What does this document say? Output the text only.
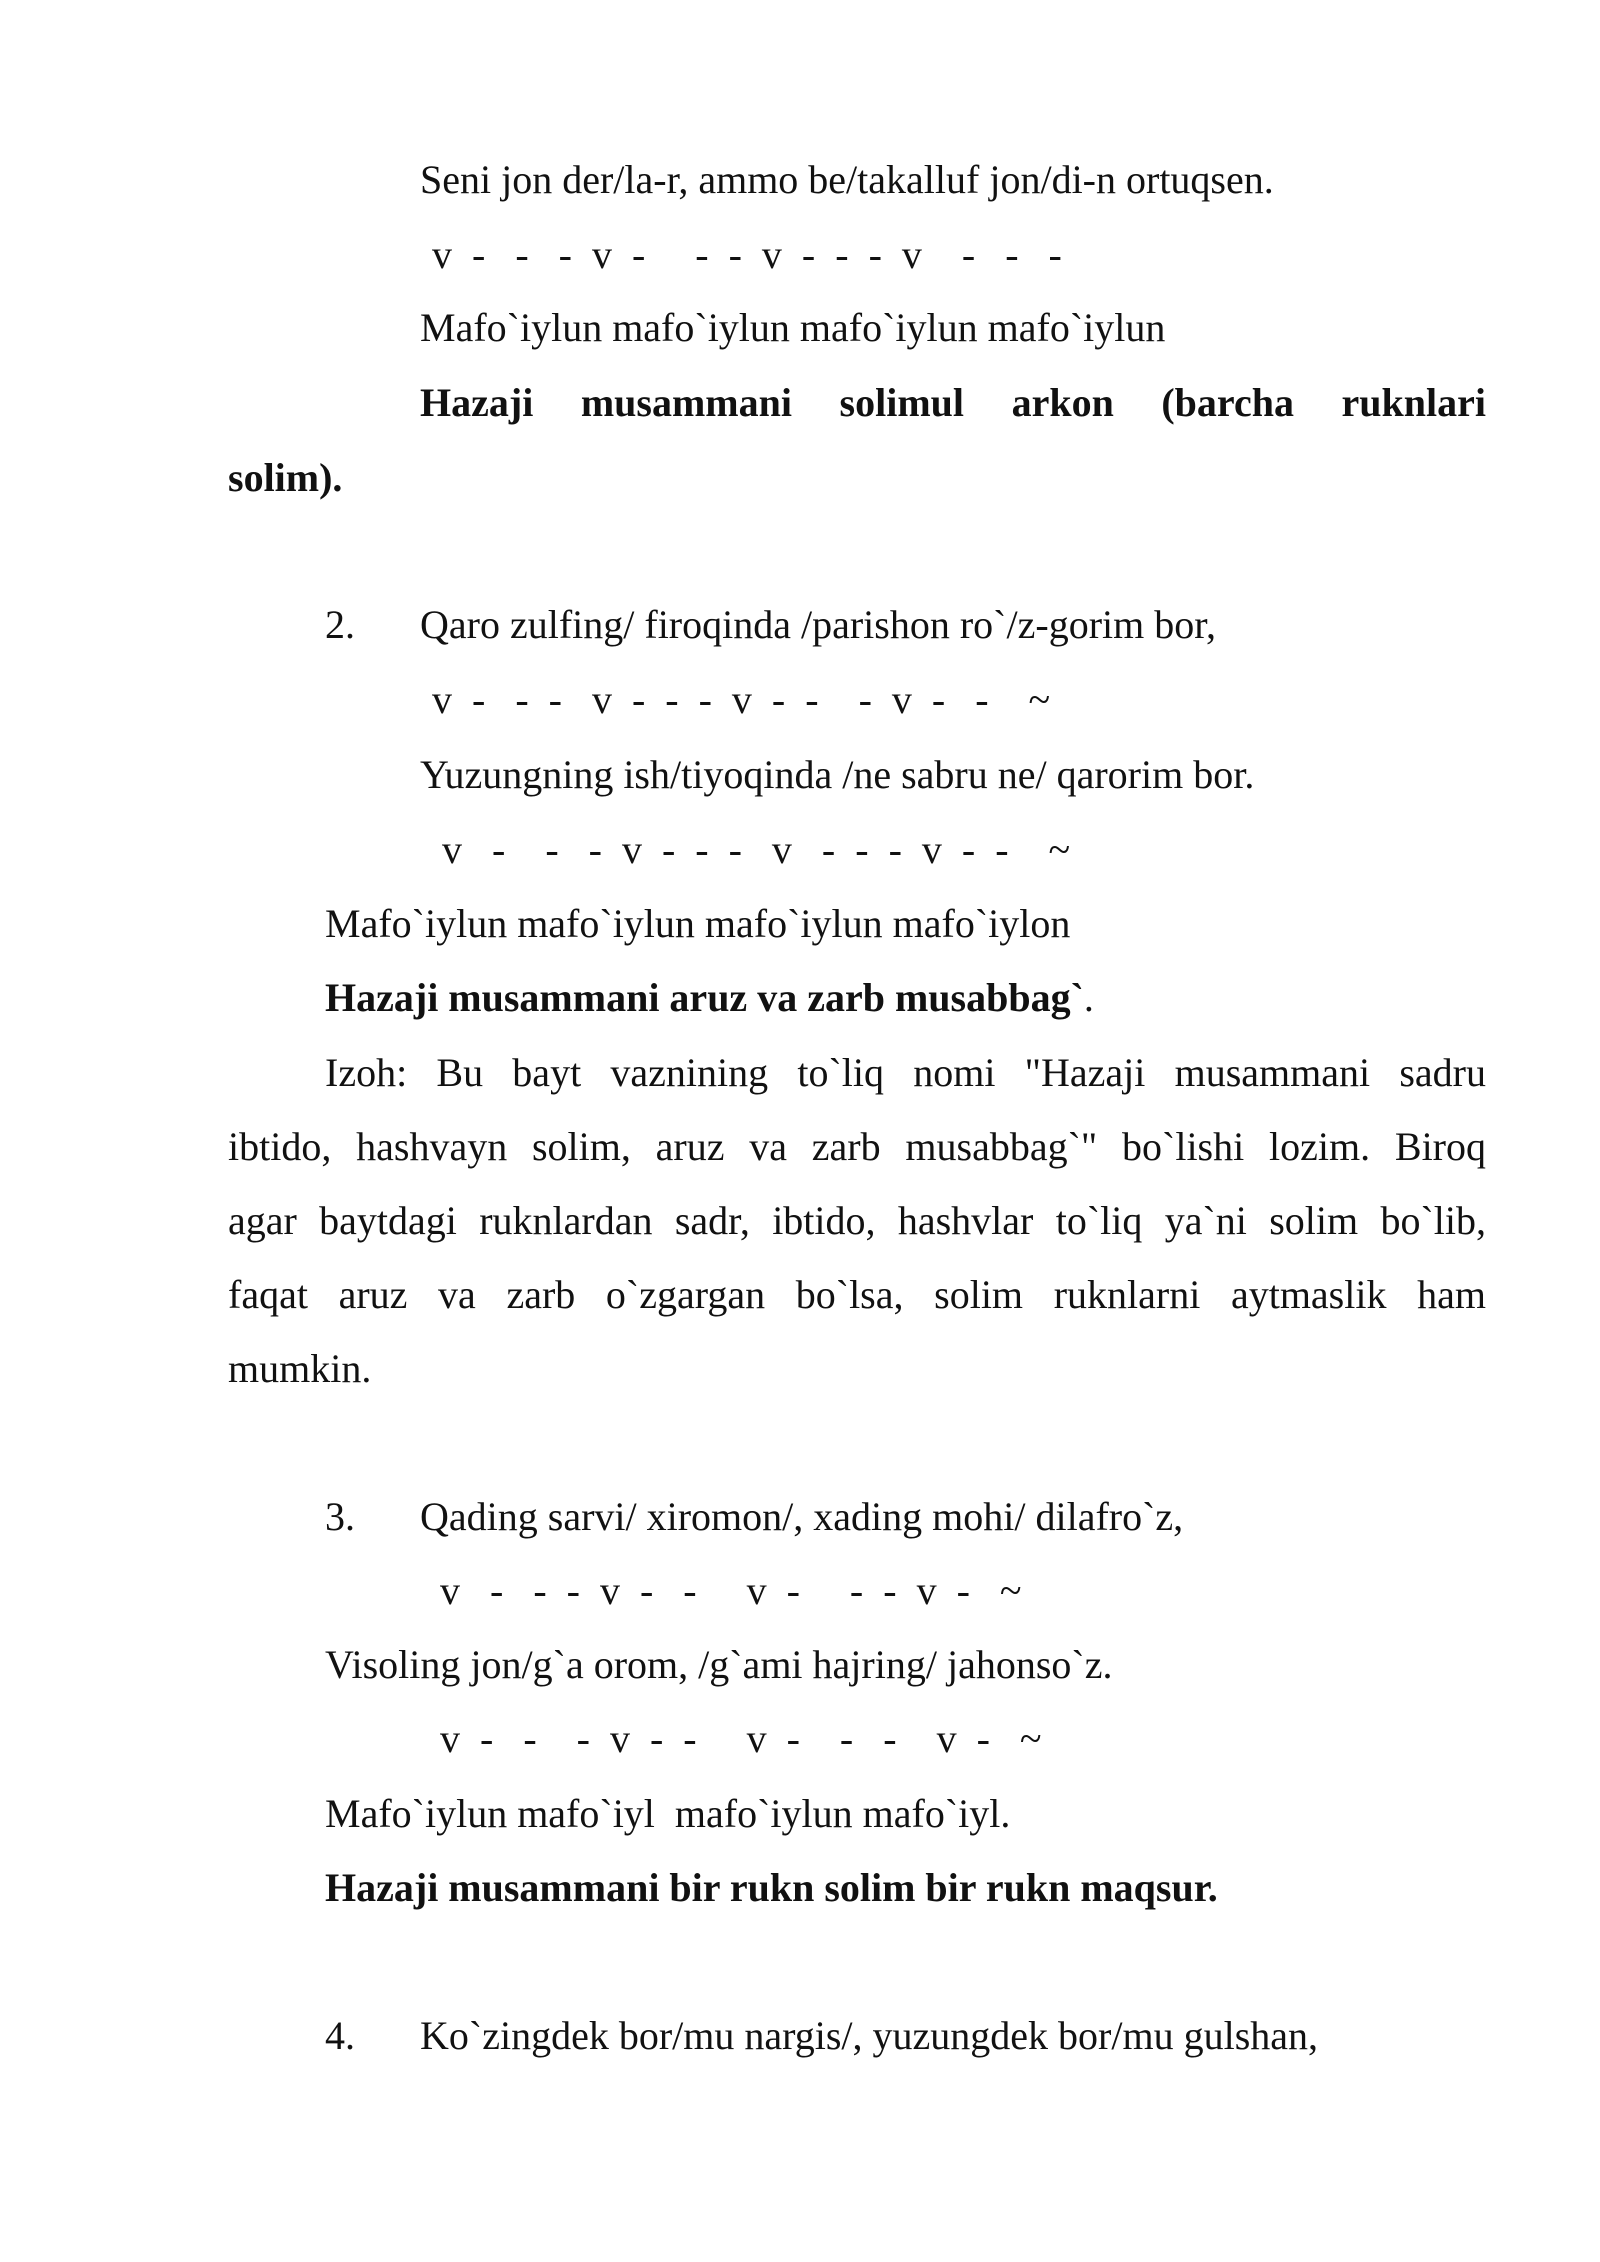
Seni jon der/la-r, ammo be/takalluf jon/di-n ortuqsen.
v  -   -   -  v  -     -  -  v  -  -  -  v    -   -   -
Mafo`iylun mafo`iylun mafo`iylun mafo`iylun
Hazaji musammani solimul arkon (barcha ruknlari
solim).
2. Qaro zulfing/ firoqinda /parishon ro`/z-gorim bor,
v  -   -  -   v  -  -  -  v  -  -    -  v  -   -    ~
Yuzungning ish/tiyoqinda /ne sabru ne/ qarorim bor.
v   -    -   -  v  -  -  -   v   -  -  -  v  -  -    ~
Mafo`iylun mafo`iylun mafo`iylun mafo`iylon
Hazaji musammani aruz va zarb musabbag`.
Izoh: Bu bayt vaznining to`liq nomi "Hazaji musammani sadru
ibtido, hashvayn solim, aruz va zarb musabbag`" bo`lishi lozim. Biroq
agar baytdagi ruknlardan sadr, ibtido, hashvlar to`liq ya`ni solim bo`lib,
faqat aruz va zarb o`zgargan bo`lsa, solim ruknlarni aytmaslik ham
mumkin.
3. Qading sarvi/ xiromon/, xading mohi/ dilafro`z,
v   -   -  -  v  -   -     v  -     -  -  v  -   ~
Visoling jon/g`a orom, /g`ami hajring/ jahonso`z.
v  -   -    -  v  -  -     v  -    -   -    v  -   ~
Mafo`iylun mafo`iyl  mafo`iylun mafo`iyl.
Hazaji musammani bir rukn solim bir rukn maqsur.
4. Ko`zingdek bor/mu nargis/, yuzungdek bor/mu gulshan,
